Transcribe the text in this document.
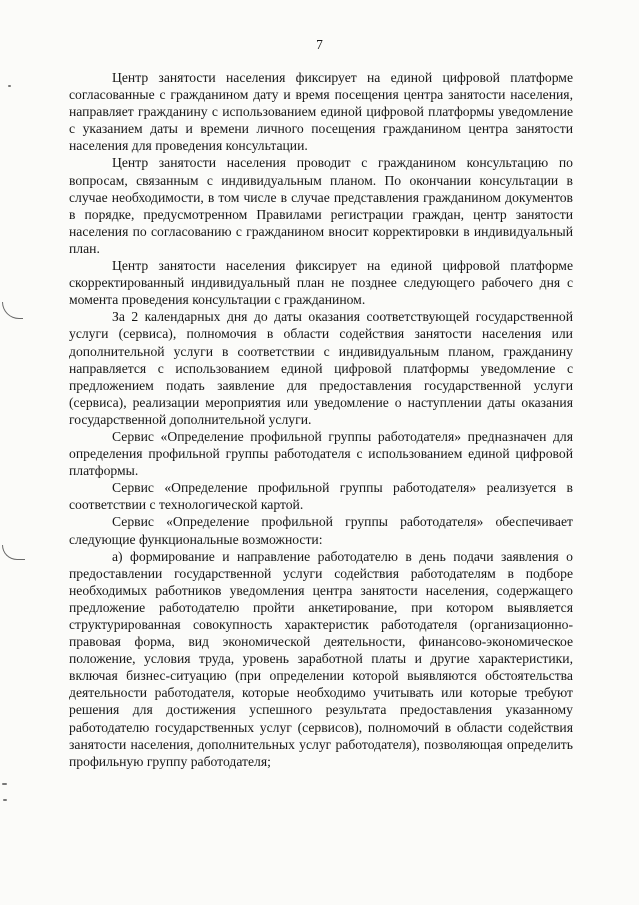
7

Центр занятости населения фиксирует на единой цифровой платформе согласованные с гражданином дату и время посещения центра занятости населения, направляет гражданину с использованием единой цифровой платформы уведомление с указанием даты и времени личного посещения гражданином центра занятости населения для проведения консультации.

Центр занятости населения проводит с гражданином консультацию по вопросам, связанным с индивидуальным планом. По окончании консультации в случае необходимости, в том числе в случае представления гражданином документов в порядке, предусмотренном Правилами регистрации граждан, центр занятости населения по согласованию с гражданином вносит корректировки в индивидуальный план.

Центр занятости населения фиксирует на единой цифровой платформе скорректированный индивидуальный план не позднее следующего рабочего дня с момента проведения консультации с гражданином.

За 2 календарных дня до даты оказания соответствующей государственной услуги (сервиса), полномочия в области содействия занятости населения или дополнительной услуги в соответствии с индивидуальным планом, гражданину направляется с использованием единой цифровой платформы уведомление с предложением подать заявление для предоставления государственной услуги (сервиса), реализации мероприятия или уведомление о наступлении даты оказания государственной дополнительной услуги.

Сервис «Определение профильной группы работодателя» предназначен для определения профильной группы работодателя с использованием единой цифровой платформы.

Сервис «Определение профильной группы работодателя» реализуется в соответствии с технологической картой.

Сервис «Определение профильной группы работодателя» обеспечивает следующие функциональные возможности:

а) формирование и направление работодателю в день подачи заявления о предоставлении государственной услуги содействия работодателям в подборе необходимых работников уведомления центра занятости населения, содержащего предложение работодателю пройти анкетирование, при котором выявляется структурированная совокупность характеристик работодателя (организационно-правовая форма, вид экономической деятельности, финансово-экономическое положение, условия труда, уровень заработной платы и другие характеристики, включая бизнес-ситуацию (при определении которой выявляются обстоятельства деятельности работодателя, которые необходимо учитывать или которые требуют решения для достижения успешного результата предоставления указанному работодателю государственных услуг (сервисов), полномочий в области содействия занятости населения, дополнительных услуг работодателя), позволяющая определить профильную группу работодателя;
